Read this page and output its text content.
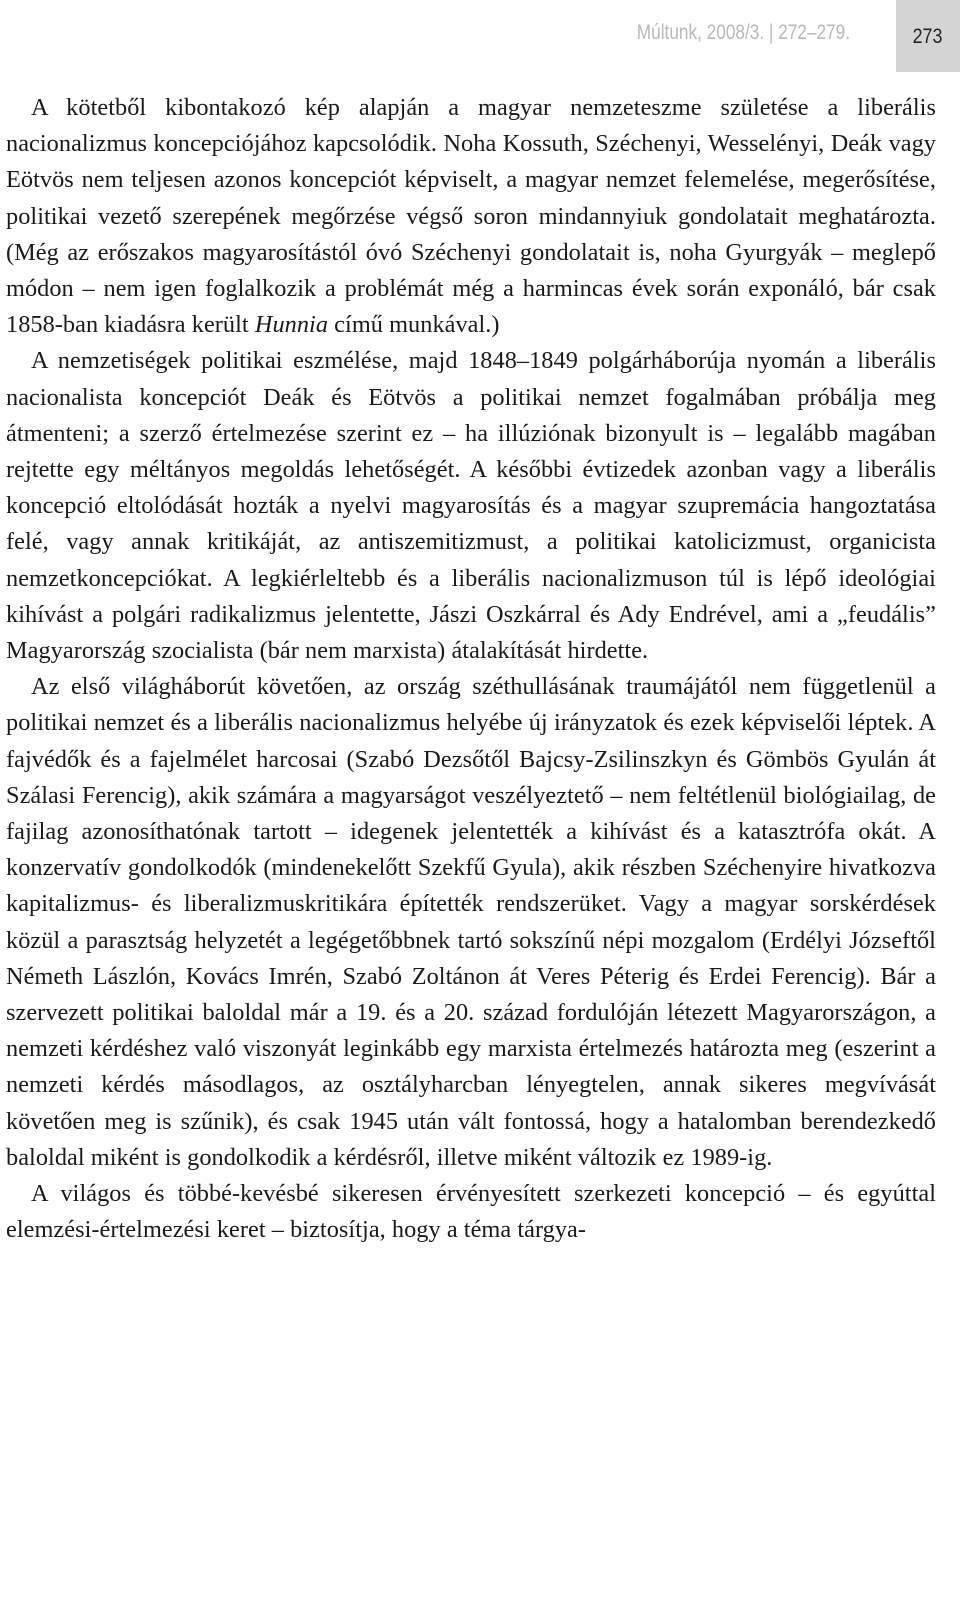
Múltunk, 2008/3. | 272–279.	273

A kötetből kibontakozó kép alapján a magyar nemzeteszme születése a liberális nacionalizmus koncepciójához kapcsolódik. Noha Kossuth, Széchenyi, Wesselényi, Deák vagy Eötvös nem teljesen azonos koncepciót képviselt, a magyar nemzet felemelése, megerősítése, politikai vezető szerepének megőrzése végső soron mindannyiuk gondolatait meghatározta. (Még az erőszakos magyarosítástól óvó Széchenyi gondolatait is, noha Gyurgyák – meglepő módon – nem igen foglalkozik a problémát még a harmincas évek során exponáló, bár csak 1858-ban kiadásra került Hunnia című munkával.)

A nemzetiségek politikai eszmélése, majd 1848–1849 polgárháborúja nyomán a liberális nacionalista koncepciót Deák és Eötvös a politikai nemzet fogalmában próbálja meg átmenteni; a szerző értelmezése szerint ez – ha illúziónak bizonyult is – legalább magában rejtette egy méltányos megoldás lehetőségét. A későbbi évtizedek azonban vagy a liberális koncepció eltolódását hozták a nyelvi magyarosítás és a magyar szupremácia hangoztatása felé, vagy annak kritikáját, az antiszemitizmust, a politikai katolicizmust, organicista nemzetkoncepciókat. A legkiérleltebb és a liberális nacionalizmuson túl is lépő ideológiai kihívást a polgári radikalizmus jelentette, Jászi Oszkárral és Ady Endrével, ami a „feudális” Magyarország szocialista (bár nem marxista) átalakítását hirdette.

Az első világháborút követően, az ország széthullásának traumájától nem függetlenül a politikai nemzet és a liberális nacionalizmus helyébe új irányzatok és ezek képviselői léptek. A fajvédők és a fajelmélet harcosai (Szabó Dezsőtől Bajcsy-Zsilinszkyn és Gömbös Gyulán át Szálasi Ferencig), akik számára a magyarságot veszélyeztető – nem feltétlenül biológiailag, de fajilag azonosíthatónak tartott – idegenek jelentették a kihívást és a katasztrófa okát. A konzervatív gondolkodók (mindenekelőtt Szekfű Gyula), akik részben Széchenyire hivatkozva kapitalizmus- és liberalizmuskritikára építették rendszerüket. Vagy a magyar sorskérdések közül a parasztság helyzetét a legégetőbbnek tartó sokszínű népi mozgalom (Erdélyi Józseftől Németh Lászlón, Kovács Imrén, Szabó Zoltánon át Veres Péterig és Erdei Ferencig). Bár a szervezett politikai baloldal már a 19. és a 20. század fordulóján létezett Magyarországon, a nemzeti kérdéshez való viszonyát leginkább egy marxista értelmezés határozta meg (eszerint a nemzeti kérdés másodlagos, az osztályharcban lényegtelen, annak sikeres megvívását követően meg is szűnik), és csak 1945 után vált fontossá, hogy a hatalomban berendezkedő baloldal miként is gondolkodik a kérdésről, illetve miként változik ez 1989-ig.

A világos és többé-kevésbé sikeresen érvényesített szerkezeti koncepció – és egyúttal elemzési-értelmezési keret – biztosítja, hogy a téma tárgya-
